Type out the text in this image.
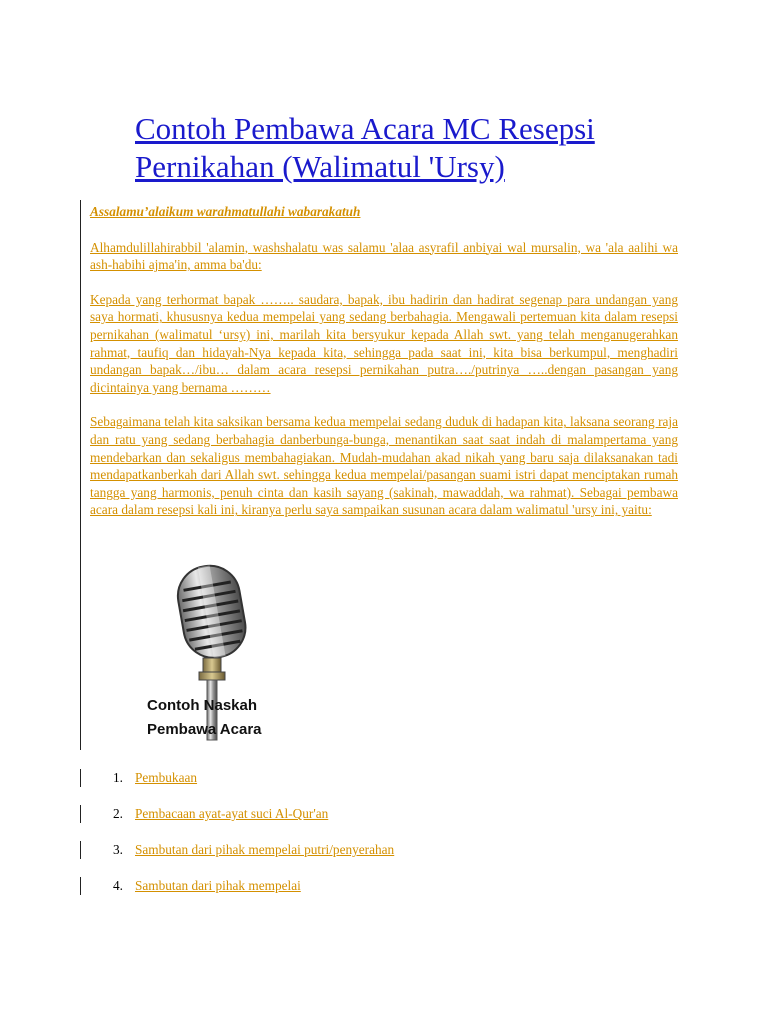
Contoh Pembawa Acara MC Resepsi Pernikahan (Walimatul 'Ursy)

Assalamu’alaikum warahmatullahi wabarakatuh

Alhamdulillahirabbil 'alamin, washshalatu was salamu 'alaa asyrafil anbiyai wal mursalin, wa 'ala aalihi wa ash-habihi ajma'in, amma ba'du:

Kepada yang terhormat bapak …….. saudara, bapak, ibu hadirin dan hadirat segenap para undangan yang saya hormati, khususnya kedua mempelai yang sedang berbahagia. Mengawali pertemuan kita dalam resepsi pernikahan (walimatul ‘ursy) ini, marilah kita bersyukur kepada Allah swt. yang telah menganugerahkan rahmat, taufiq dan hidayah-Nya kepada kita, sehingga pada saat ini, kita bisa berkumpul, menghadiri undangan bapak…/ibu… dalam acara resepsi pernikahan putra…./putrinya …..dengan pasangan yang dicintainya yang bernama ………

Sebagaimana telah kita saksikan bersama kedua mempelai sedang duduk di hadapan kita, laksana seorang raja dan ratu yang sedang berbahagia danberbunga-bunga, menantikan saat saat indah di malampertama yang mendebarkan dan sekaligus membahagiakan. Mudah-mudahan akad nikah yang baru saja dilaksanakan tadi mendapatkanberkah dari Allah swt. sehingga kedua mempelai/pasangan suami istri dapat menciptakan rumah tangga yang harmonis, penuh cinta dan kasih sayang (sakinah, mawaddah, wa rahmat). Sebagai pembawa acara dalam resepsi kali ini, kiranya perlu saya sampaikan susunan acara dalam walimatul 'ursy ini, yaitu:

Contoh Naskah
Pembawa Acara
1. Pembukaan
2. Pembacaan ayat-ayat suci Al-Qur'an
3. Sambutan dari pihak mempelai putri/penyerahan
4. Sambutan dari pihak mempelai
